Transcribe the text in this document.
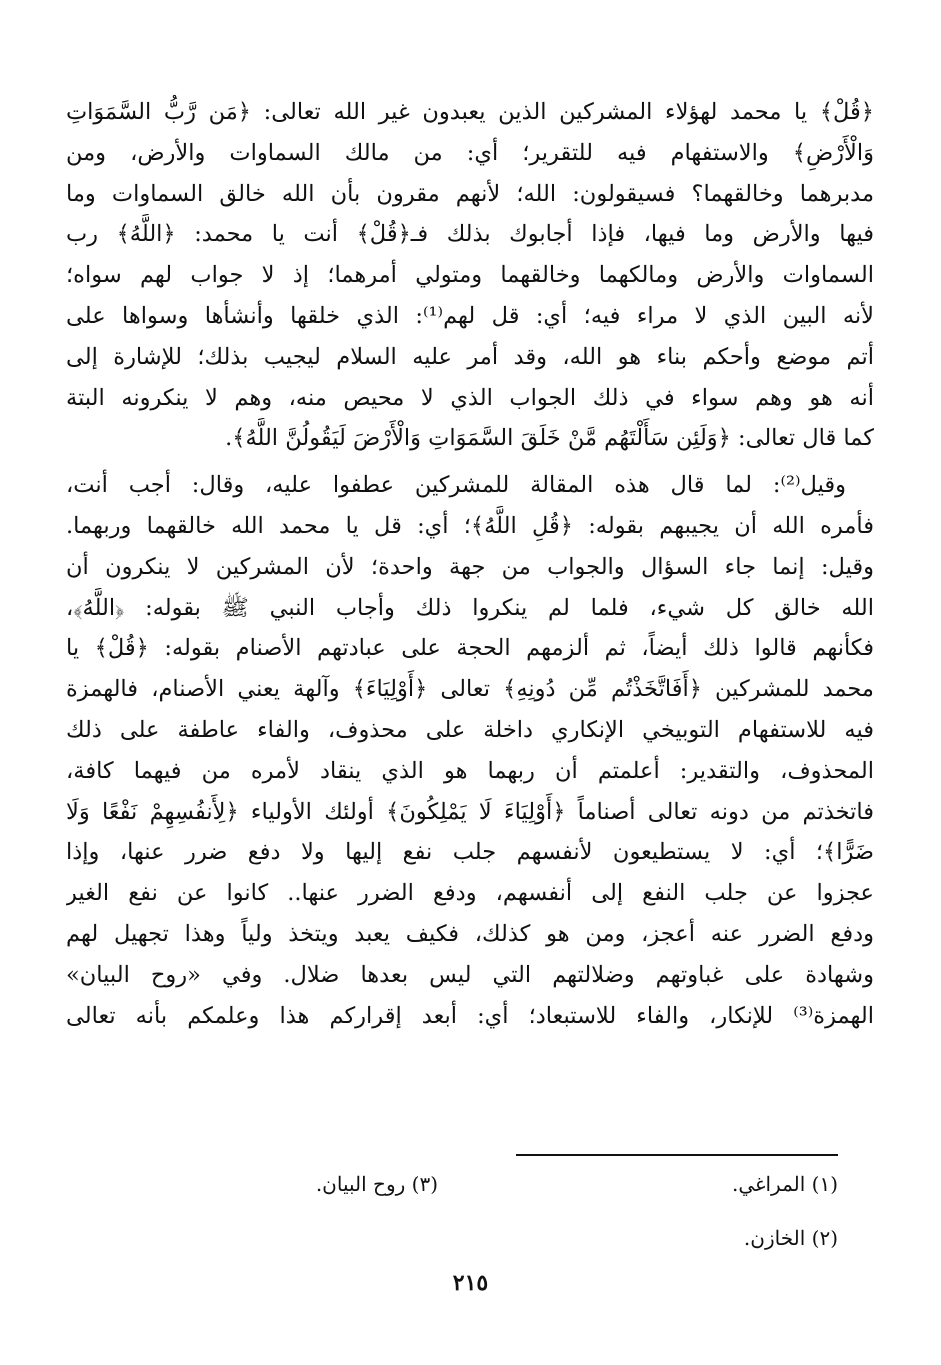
﴿قُلْ﴾ يا محمد لهؤلاء المشركين الذين يعبدون غير الله تعالى: ﴿مَن رَّبُّ السَّمَوَاتِ
وَالْأَرْضِ﴾ والاستفهام فيه للتقرير؛ أي: من مالك السماوات والأرض، ومن
مدبرهما وخالقهما؟ فسيقولون: الله؛ لأنهم مقرون بأن الله خالق السماوات وما
فيها والأرض وما فيها، فإذا أجابوك بذلك فـ﴿قُلْ﴾ أنت يا محمد: ﴿اللَّهُ﴾ رب
السماوات والأرض ومالكهما وخالقهما ومتولي أمرهما؛ إذ لا جواب لهم سواه؛
لأنه البين الذي لا مراء فيه؛ أي: قل لهم⁽¹⁾: الذي خلقها وأنشأها وسواها على
أتم موضع وأحكم بناء هو الله، وقد أمر عليه السلام ليجيب بذلك؛ للإشارة إلى
أنه هو وهم سواء في ذلك الجواب الذي لا محيص منه، وهم لا ينكرونه البتة
كما قال تعالى: ﴿وَلَئِن سَأَلْتَهُم مَّنْ خَلَقَ السَّمَوَاتِ وَالْأَرْضَ لَيَقُولُنَّ اللَّهُ﴾.
وقيل⁽²⁾: لما قال هذه المقالة للمشركين عطفوا عليه، وقال: أجب أنت،
فأمره الله أن يجيبهم بقوله: ﴿قُلِ اللَّهُ﴾؛ أي: قل يا محمد الله خالقهما وربهما.
وقيل: إنما جاء السؤال والجواب من جهة واحدة؛ لأن المشركين لا ينكرون أن
الله خالق كل شيء، فلما لم ينكروا ذلك وأجاب النبي ﷺ بقوله: ﴿اللَّهُ﴾،
فكأنهم قالوا ذلك أيضاً، ثم ألزمهم الحجة على عبادتهم الأصنام بقوله: ﴿قُلْ﴾ يا
محمد للمشركين ﴿أَفَاتَّخَذْتُم مِّن دُونِهِ﴾ تعالى ﴿أَوْلِيَاءَ﴾ وآلهة يعني الأصنام، فالهمزة
فيه للاستفهام التوبيخي الإنكاري داخلة على محذوف، والفاء عاطفة على ذلك
المحذوف، والتقدير: أعلمتم أن ربهما هو الذي ينقاد لأمره من فيهما كافة،
فاتخذتم من دونه تعالى أصناماً ﴿أَوْلِيَاءَ لَا يَمْلِكُونَ﴾ أولئك الأولياء ﴿لِأَنفُسِهِمْ نَفْعًا وَلَا
ضَرًّا﴾؛ أي: لا يستطيعون لأنفسهم جلب نفع إليها ولا دفع ضرر عنها، وإذا
عجزوا عن جلب النفع إلى أنفسهم، ودفع الضرر عنها.. كانوا عن نفع الغير
ودفع الضرر عنه أعجز، ومن هو كذلك، فكيف يعبد ويتخذ ولياً وهذا تجهيل لهم
وشهادة على غباوتهم وضلالتهم التي ليس بعدها ضلال. وفي «روح البيان»
الهمزة⁽³⁾ للإنكار، والفاء للاستبعاد؛ أي: أبعد إقراركم هذا وعلمكم بأنه تعالى
(١) المراغي.
(٣) روح البيان.
(٢) الخازن.
٢١٥
